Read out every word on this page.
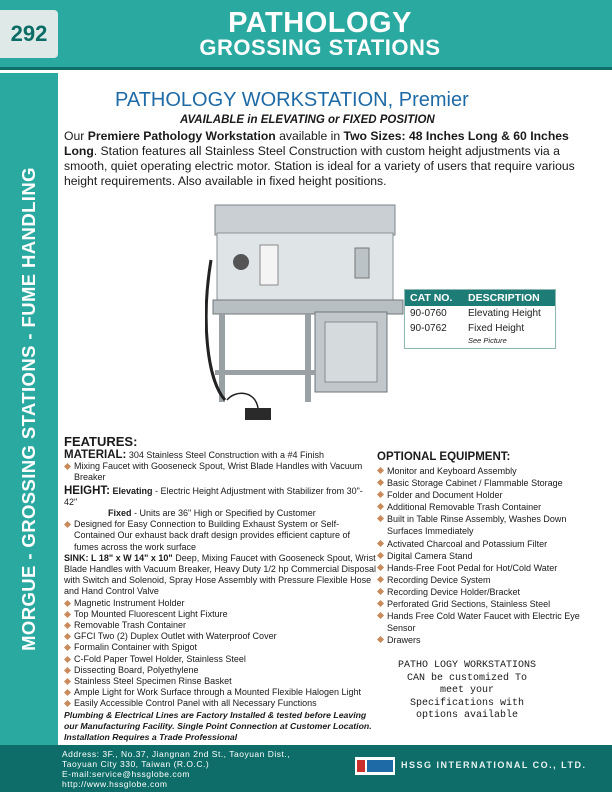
292	PATHOLOGY
GROSSING STATIONS
MORGUE - GROSSING STATIONS - FUME HANDLING
PATHOLOGY WORKSTATION, Premier
AVAILABLE in ELEVATING or FIXED POSITION
Our Premiere Pathology Workstation available in Two Sizes: 48 Inches Long & 60 Inches Long. Station features all Stainless Steel Construction with custom height adjustments via a smooth, quiet operating electric motor. Station is ideal for a variety of users that require various height requirements. Also available in fixed height positions.
CAT NO.	DESCRIPTION
90-0760	Elevating Height
90-0762	Fixed Height
See Picture
FEATURES:
MATERIAL: 304 Stainless Steel Construction with a #4 Finish
Mixing Faucet with Gooseneck Spout, Wrist Blade Handles with Vacuum Breaker
HEIGHT: Elevating - Electric Height Adjustment with Stabilizer from 30"- 42"
Fixed - Units are 36" High or Specified by Customer
Designed for Easy Connection to Building Exhaust System or Self-Contained Our exhaust back draft design provides efficient capture of fumes across the work surface
SINK: L 18" x W 14" x 10" Deep, Mixing Faucet with Gooseneck Spout, Wrist Blade Handles with Vacuum Breaker, Heavy Duty 1/2 hp Commercial Disposal with Switch and Solenoid, Spray Hose Assembly with Pressure Flexible Hose and Hand Control Valve
Magnetic Instrument Holder
Top Mounted Fluorescent Light Fixture
Removable Trash Container
GFCI Two (2) Duplex Outlet with Waterproof Cover
Formalin Container with Spigot
C-Fold Paper Towel Holder, Stainless Steel
Dissecting Board, Polyethylene
Stainless Steel Specimen Rinse Basket
Ample Light for Work Surface through a Mounted Flexible Halogen Light
Easily Accessible Control Panel with all Necessary Functions
Plumbing & Electrical Lines are Factory Installed & tested before Leaving our Manufacturing Facility. Single Point Connection at Customer Location. Installation Requires a Trade Professional
OPTIONAL EQUIPMENT:
Monitor and Keyboard Assembly
Basic Storage Cabinet / Flammable Storage
Folder and Document Holder
Additional Removable Trash Container
Built in Table Rinse Assembly, Washes Down Surfaces Immediately
Activated Charcoal and Potassium Filter
Digital Camera Stand
Hands-Free Foot Pedal for Hot/Cold Water
Recording Device System
Recording Device Holder/Bracket
Perforated Grid Sections, Stainless Steel
Hands Free Cold Water Faucet with Electric Eye Sensor
Drawers
PATHO LOGY WORKSTATIONS
CAN be customized To
meet your
Specifications with
options available
Address: 3F., No.37, Jiangnan 2nd St., Taoyuan Dist.,
Taoyuan City 330, Taiwan (R.O.C.)
E-mail:service@hssglobe.com
http://www.hssglobe.com
HSSG INTERNATIONAL CO., LTD.
